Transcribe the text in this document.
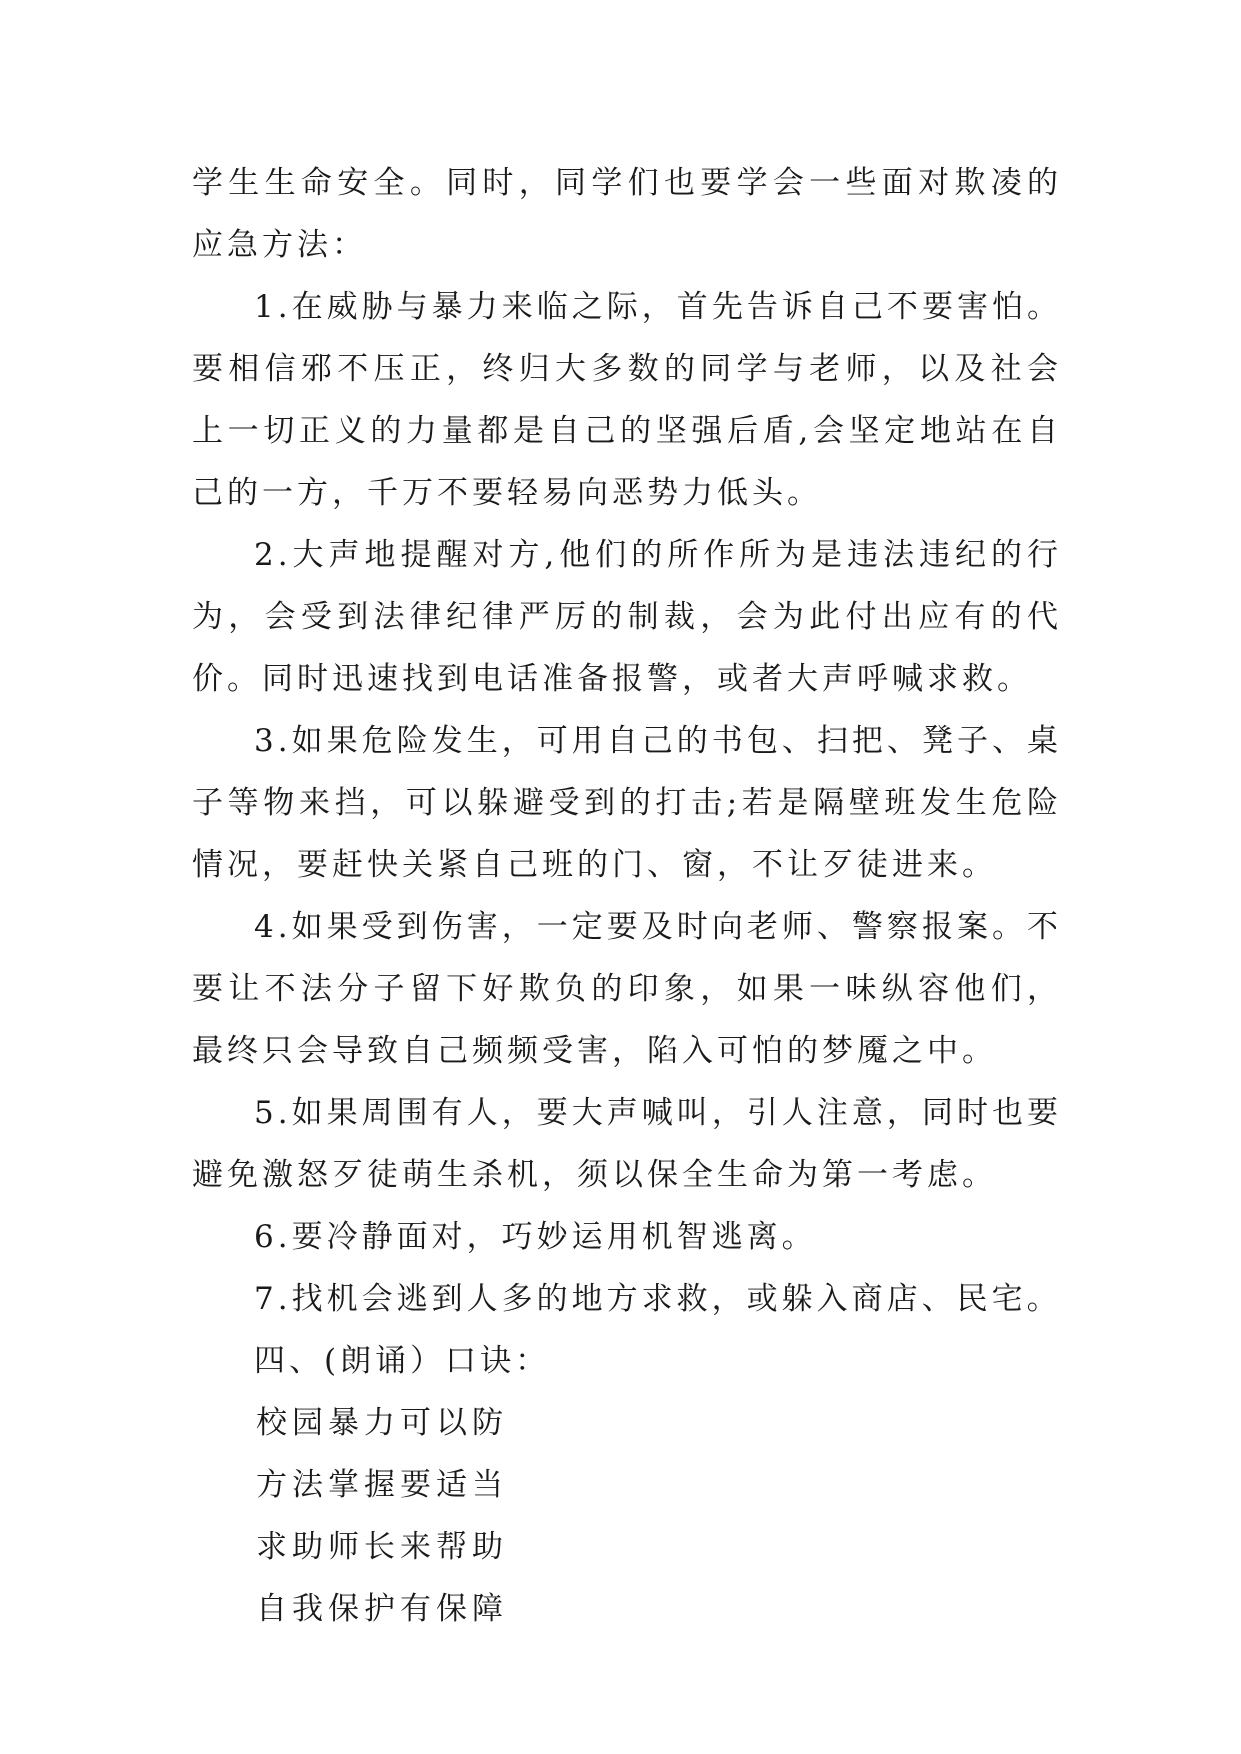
学生生命安全。同时，同学们也要学会一些面对欺凌的应急方法：

1.在威胁与暴力来临之际，首先告诉自己不要害怕。要相信邪不压正，终归大多数的同学与老师，以及社会上一切正义的力量都是自己的坚强后盾,会坚定地站在自己的一方，千万不要轻易向恶势力低头。

2.大声地提醒对方,他们的所作所为是违法违纪的行为，会受到法律纪律严厉的制裁，会为此付出应有的代价。同时迅速找到电话准备报警，或者大声呼喊求救。

3.如果危险发生，可用自己的书包、扫把、凳子、桌子等物来挡，可以躲避受到的打击;若是隔壁班发生危险情况，要赶快关紧自己班的门、窗，不让歹徒进来。

4.如果受到伤害，一定要及时向老师、警察报案。不要让不法分子留下好欺负的印象，如果一味纵容他们，最终只会导致自己频频受害，陷入可怕的梦魇之中。

5.如果周围有人，要大声喊叫，引人注意，同时也要避免激怒歹徒萌生杀机，须以保全生命为第一考虑。

6.要冷静面对，巧妙运用机智逃离。

7.找机会逃到人多的地方求救，或躲入商店、民宅。

四、(朗诵）口诀：

校园暴力可以防

方法掌握要适当

求助师长来帮助

自我保护有保障
